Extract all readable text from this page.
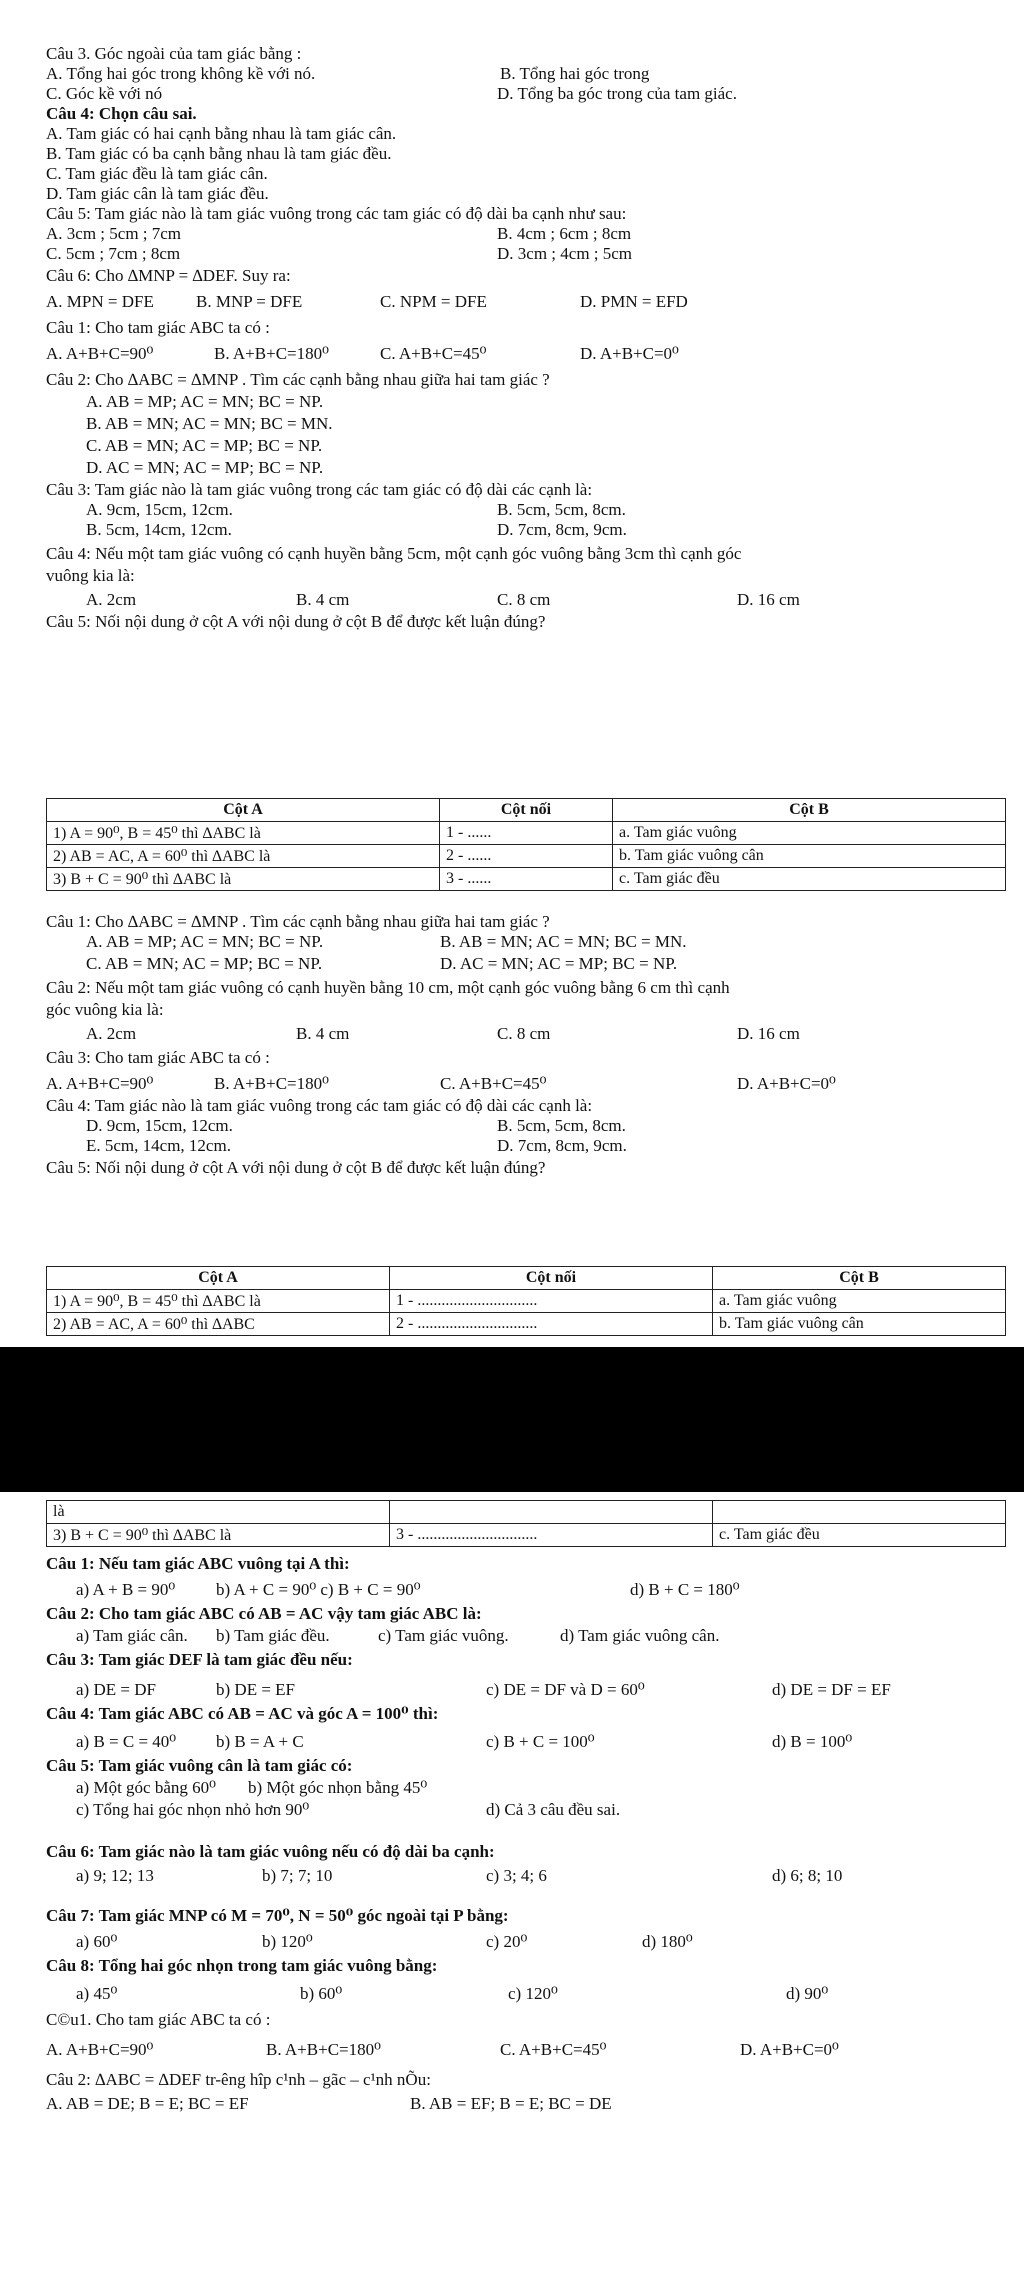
Câu 3. Góc ngoài của tam giác bằng :
A. Tổng hai góc trong không kề với nó.	B. Tổng hai góc trong
C. Góc kề với nó	D. Tổng ba góc trong của tam giác.
Câu 4: Chọn câu sai.
A. Tam giác có hai cạnh bằng nhau là tam giác cân.
B. Tam giác có ba cạnh bằng nhau là tam giác đều.
C. Tam giác đều là tam giác cân.
D. Tam giác cân là tam giác đều.
Câu 5: Tam giác nào là tam giác vuông trong các tam giác có độ dài ba cạnh như sau:
A. 3cm ; 5cm ; 7cm	B. 4cm ; 6cm ; 8cm
C. 5cm ; 7cm ; 8cm	D. 3cm ; 4cm ; 5cm
Câu 6: Cho ∆MNP = ∆DEF. Suy ra:
A. MPN = DFE B. MNP = DFE	C. NPM = DFE	D. PMN = EFD
Câu 1: Cho tam giác ABC ta có :
A. A+B+C=90⁰	B. A+B+C=180⁰	C. A+B+C=45⁰	D. A+B+C=0⁰
Câu 2: Cho ∆ABC = ∆MNP . Tìm các cạnh bằng nhau giữa hai tam giác ?
A. AB = MP; AC = MN; BC = NP.
B. AB = MN; AC = MN; BC = MN.
C. AB = MN; AC = MP; BC = NP.
D. AC = MN; AC = MP; BC = NP.
Câu 3: Tam giác nào là tam giác vuông trong các tam giác có độ dài các cạnh là:
A. 9cm, 15cm, 12cm.	B. 5cm, 5cm, 8cm.
B. 5cm, 14cm, 12cm.	D. 7cm, 8cm, 9cm.
Câu 4: Nếu một tam giác vuông có cạnh huyền bằng 5cm, một cạnh góc vuông bằng 3cm thì cạnh góc
vuông kia là:
A. 2cm	B. 4 cm	C. 8 cm	D. 16 cm
Câu 5: Nối nội dung ở cột A với nội dung ở cột B để được kết luận đúng?
Câu 1: Cho ∆ABC = ∆MNP . Tìm các cạnh bằng nhau giữa hai tam giác ?
A. AB = MP; AC = MN; BC = NP.	B. AB = MN; AC = MN; BC = MN.
C. AB = MN; AC = MP; BC = NP.	D. AC = MN; AC = MP; BC = NP.
Câu 2: Nếu một tam giác vuông có cạnh huyền bằng 10 cm, một cạnh góc vuông bằng 6 cm thì cạnh
góc vuông kia là:
A. 2cm	B. 4 cm	C. 8 cm	D. 16 cm
Câu 3: Cho tam giác ABC ta có :
A. A+B+C=90⁰	B. A+B+C=180⁰	C. A+B+C=45⁰	D. A+B+C=0⁰
Câu 4: Tam giác nào là tam giác vuông trong các tam giác có độ dài các cạnh là:
D. 9cm, 15cm, 12cm.	B. 5cm, 5cm, 8cm.
E. 5cm, 14cm, 12cm.	D. 7cm, 8cm, 9cm.
Câu 5: Nối nội dung ở cột A với nội dung ở cột B để được kết luận đúng?
Câu 1: Nếu tam giác ABC vuông tại A thì:
a) A + B = 90⁰ b) A + C = 90⁰ c) B + C = 90⁰	d) B + C = 180⁰
Câu 2: Cho tam giác ABC có AB = AC vậy tam giác ABC là:
a) Tam giác cân. b) Tam giác đều.	c) Tam giác vuông.	d) Tam giác vuông cân.
Câu 3: Tam giác DEF là tam giác đều nếu:
a) DE = DF	b) DE = EF	c) DE = DF và D = 60⁰	d) DE = DF = EF
Câu 4: Tam giác ABC có AB = AC và góc A = 100⁰ thì:
a) B = C = 40⁰ b) B = A + C	c) B + C = 100⁰	d) B = 100⁰
Câu 5: Tam giác vuông cân là tam giác có:
a) Một góc bằng 60⁰ b) Một góc nhọn bằng 45⁰
c) Tổng hai góc nhọn nhỏ hơn 90⁰	d) Cả 3 câu đều sai.
Câu 6: Tam giác nào là tam giác vuông nếu có độ dài ba cạnh:
a) 9; 12; 13	b) 7; 7; 10	c) 3; 4; 6	d) 6; 8; 10
Câu 7: Tam giác MNP có M = 70⁰, N = 50⁰ góc ngoài tại P bằng:
a) 60⁰	b) 120⁰	c) 20⁰	d) 180⁰
Câu 8: Tổng hai góc nhọn trong tam giác vuông bằng:
a) 45⁰	b) 60⁰	c) 120⁰	d) 90⁰
C©u1. Cho tam giác ABC ta có :
A. A+B+C=90⁰	B. A+B+C=180⁰	C. A+B+C=45⁰	D. A+B+C=0⁰
Câu 2: ∆ABC = ∆DEF tr-êng hîp c¹nh – gãc – c¹nh nÕu:
A. AB = DE; B = E; BC = EF	B. AB = EF; B = E; BC = DE
Cột A	Cột nối	Cột B
1) A = 90⁰, B = 45⁰ thì ∆ABC là	1 - ......	a. Tam giác vuông
2) AB = AC, A = 60⁰ thì ∆ABC là	2 - ......	b. Tam giác vuông cân
3) B + C = 90⁰ thì ∆ABC là	3 - ......	c. Tam giác đều
Cột A	Cột nối	Cột B
1) A = 90⁰, B = 45⁰ thì ∆ABC là	1 - ..............................	a. Tam giác vuông
2) AB = AC, A = 60⁰ thì ∆ABC	2 - ..............................	b. Tam giác vuông cân
là		
3) B + C = 90⁰ thì ∆ABC là	3 - ..............................	c. Tam giác đều
